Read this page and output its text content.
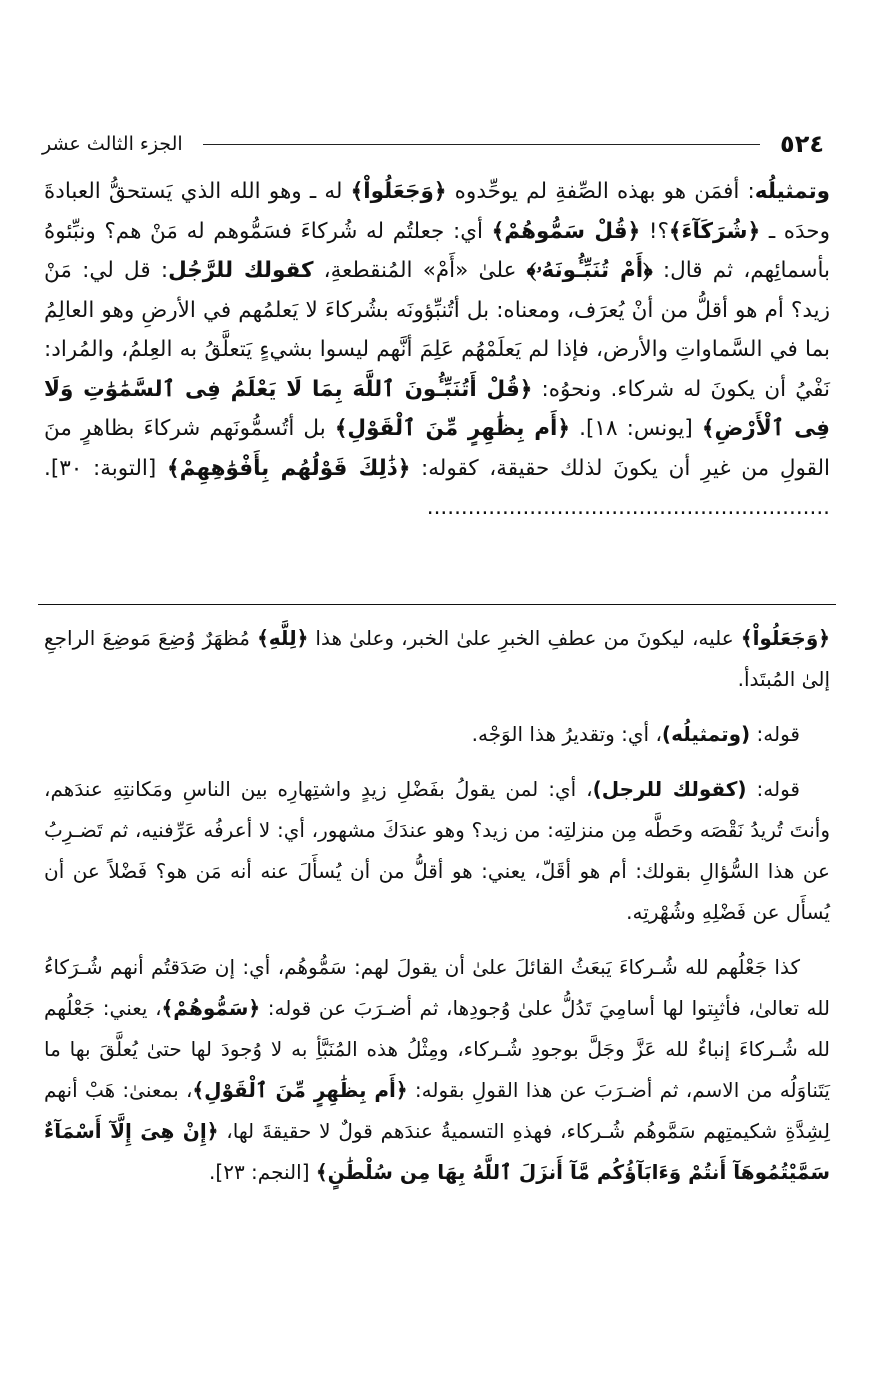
٥٢٤
الجزء الثالث عشر

وتمثيلُه: أفمَن هو بهذه الصِّفةِ لم يوحِّدوه ﴿وَجَعَلُواْ﴾ له ـ وهو الله الذي يَستحقُّ العبادةَ وحدَه ـ ﴿شُرَكَآءَ﴾؟! ﴿قُلْ سَمُّوهُمْ﴾ أي: جعلتُم له شُركاءَ فسَمُّوهم له مَنْ هم؟ ونبِّئوهُ بأسمائِهم، ثم قال: ﴿أَمْ تُنَبِّـُٔونَهُۥ﴾ علىٰ «أَمْ» المُنقطعةِ، كقولك للرَّجُل: قل لي: مَنْ زيد؟ أم هو أقلُّ من أنْ يُعرَف، ومعناه: بل أتُنبِّؤونَه بشُركاءَ لا يَعلمُهم في الأرضِ وهو العالِمُ بما في السَّماواتِ والأرض، فإذا لم يَعلَمْهُم عَلِمَ أنَّهم ليسوا بشيءٍ يَتعلَّقُ به العِلمُ، والمُراد: نَفْيُ أن يكونَ له شركاء. ونحوُه: ﴿قُلْ أَتُنَبِّـُٔونَ ٱللَّهَ بِمَا لَا يَعْلَمُ فِى ٱلسَّمَٰوَٰتِ وَلَا فِى ٱلْأَرْضِ﴾ [يونس: ١٨]. ﴿أَم بِظَٰهِرٍ مِّنَ ٱلْقَوْلِ﴾ بل أتُسمُّونَهم شركاءَ بظاهرٍ منَ القولِ من غيرِ أن يكونَ لذلك حقيقة، كقوله: ﴿ذَٰلِكَ قَوْلُهُم بِأَفْوَٰهِهِمْ﴾ [التوبة: ٣٠]. ...........................................................

﴿وَجَعَلُواْ﴾ عليه، ليكونَ من عطفِ الخبرِ علىٰ الخبر، وعلىٰ هذا ﴿لِلَّهِ﴾ مُظهَرٌ وُضِعَ مَوضِعَ الراجعِ إلىٰ المُبتَدأ.

قوله: (وتمثيلُه)، أي: وتقديرُ هذا الوَجْه.

قوله: (كقولك للرجل)، أي: لمن يقولُ بفَضْلِ زيدٍ واشتِهارِه بين الناسِ ومَكانتِهِ عندَهم، وأنتَ تُريدُ نَقْصَه وحَطَّه مِن منزلتِه: من زيد؟ وهو عندَكَ مشهور، أي: لا أعرفُه عَرِّفنيه، ثم تَضـرِبُ عن هذا السُّؤالِ بقولك: أم هو أقَلّ، يعني: هو أقلُّ من أن يُسأَلَ عنه أنه مَن هو؟ فَضْلاً عن أن يُسأَل عن فَضْلِهِ وشُهْرتِه.

كذا جَعْلُهم لله شُـركاءَ يَبعَثُ القائلَ علىٰ أن يقولَ لهم: سَمُّوهُم، أي: إن صَدَقتُم أنهم شُـرَكاءُ لله تعالىٰ، فأثبِتوا لها أسامِيَ تَدُلُّ علىٰ وُجودِها، ثم أضـرَبَ عن قوله: ﴿سَمُّوهُمْ﴾، يعني: جَعْلُهم لله شُـركاءَ إنباءٌ لله عَزَّ وجَلَّ بوجودِ شُـركاء، ومِثْلُ هذه المُنَبَّأِ به لا وُجودَ لها حتىٰ يُعلَّقَ بها ما يَتَناوَلُه من الاسم، ثم أضـرَبَ عن هذا القولِ بقوله: ﴿أَم بِظَٰهِرٍ مِّنَ ٱلْقَوْلِ﴾، بمعنىٰ: هَبْ أنهم لِشِدَّةِ شكيمتِهم سَمَّوهُم شُـركاء، فهذهِ التسميةُ عندَهم قولٌ لا حقيقةَ لها، ﴿إِنْ هِىَ إِلَّآ أَسْمَآءٌ سَمَّيْتُمُوهَآ أَنتُمْ وَءَابَآؤُكُم مَّآ أَنزَلَ ٱللَّهُ بِهَا مِن سُلْطَٰنٍ﴾ [النجم: ٢٣].
